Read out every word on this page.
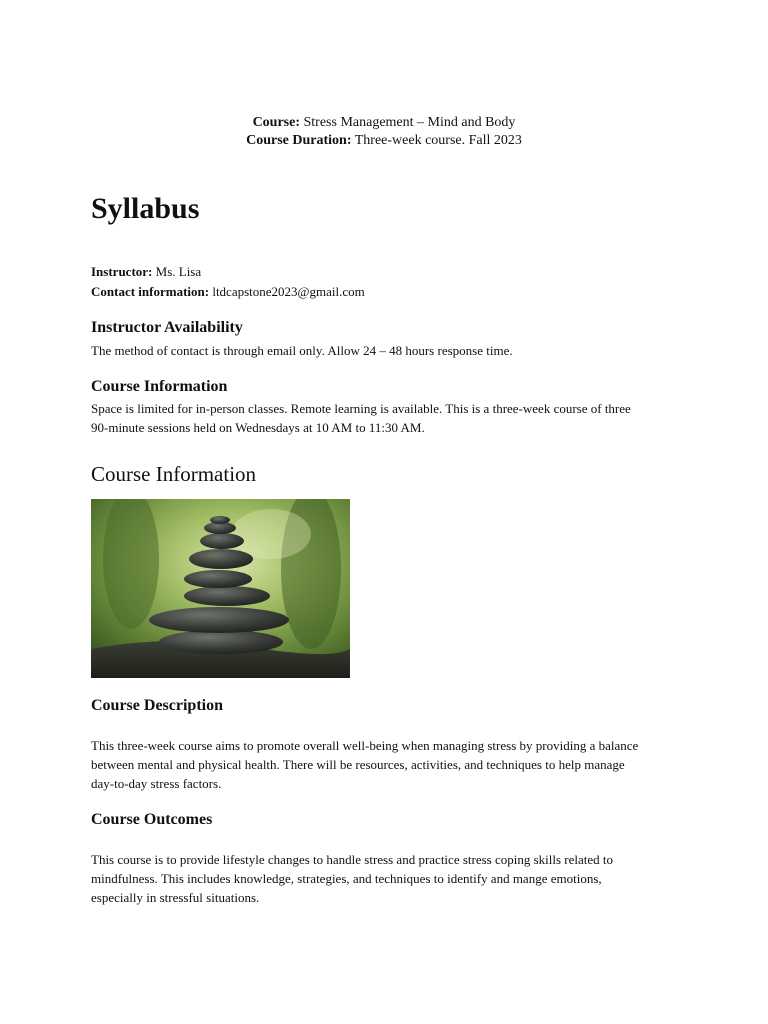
Course: Stress Management – Mind and Body
Course Duration: Three-week course. Fall 2023
Syllabus
Instructor: Ms. Lisa
Contact information: ltdcapstone2023@gmail.com
Instructor Availability

The method of contact is through email only. Allow 24 – 48 hours response time.

Course Information

Space is limited for in-person classes. Remote learning is available. This is a three-week course of three

90-minute sessions held on Wednesdays at 10 AM to 11:30 AM.

Course Information
Course Description

This three-week course aims to promote overall well-being when managing stress by providing a balance

between mental and physical health. There will be resources, activities, and techniques to help manage

day-to-day stress factors.

Course Outcomes

This course is to provide lifestyle changes to handle stress and practice stress coping skills related to

mindfulness. This includes knowledge, strategies, and techniques to identify and mange emotions,

especially in stressful situations.
